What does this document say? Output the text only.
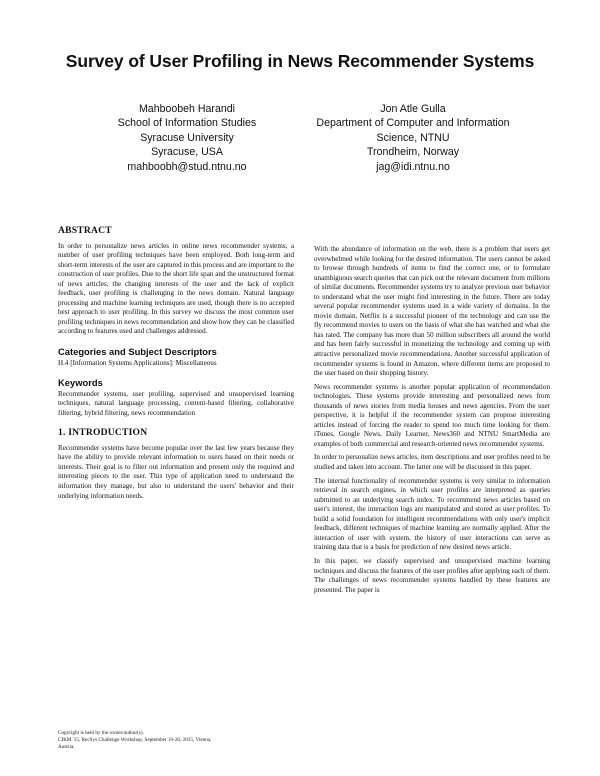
Survey of User Profiling in News Recommender Systems
Mahboobeh Harandi
School of Information Studies
Syracuse University
Syracuse, USA
mahboobh@stud.ntnu.no
Jon Atle Gulla
Department of Computer and Information
Science, NTNU
Trondheim, Norway
jag@idi.ntnu.no
ABSTRACT

In order to personalize news articles in online news recommender systems, a number of user profiling techniques have been employed. Both long-term and short-term interests of the user are captured in this process and are important to the construction of user profiles. Due to the short life span and the unstructured format of news articles, the changing interests of the user and the lack of explicit feedback, user profiling is challenging in the news domain. Natural language processing and machine learning techniques are used, though there is no accepted best approach to user profiling. In this survey we discuss the most common user profiling techniques in news recommendation and show how they can be classified according to features used and challenges addressed.

Categories and Subject Descriptors

H.4 [Information Systems Applications]: Miscellaneous

Keywords

Recommender systems, user profiling, supervised and unsupervised learning techniques, natural language processing, content-based filtering, collaborative filtering, hybrid filtering, news recommendation

1. INTRODUCTION

Recommender systems have become popular over the last few years because they have the ability to provide relevant information to users based on their needs or interests. Their goal is to filter out information and present only the required and interesting pieces to the user. This type of application need to understand the information they manage, but also to understand the users' behavior and their underlying information needs.

With the abundance of information on the web, there is a problem that users get overwhelmed while looking for the desired information. The users cannot be asked to browse through hundreds of items to find the correct one, or to formulate unambiguous search queries that can pick out the relevant document from millions of similar documents. Recommender systems try to analyze previous user behavior to understand what the user might find interesting in the future. There are today several popular recommender systems used in a wide variety of domains. In the movie domain, Netflix is a successful pioneer of the technology and can use the fly recommend movies to users on the basis of what she has watched and what she has rated. The company has more than 50 million subscribers all around the world and has been fairly successful in monetizing the technology and coming up with attractive personalized movie recommendations. Another successful application of recommender systems is found in Amazon, where different items are proposed to the user based on their shopping history.

News recommender systems is another popular application of recommendation technologies. These systems provide interesting and personalized news from thousands of news stories from media houses and news agencies. From the user perspective, it is helpful if the recommender system can propose interesting articles instead of forcing the reader to spend too much time looking for them. iTunes, Google News, Daily Learner, News360 and NTNU SmartMedia are examples of both commercial and research-oriented news recommender systems.

In order to personalize news articles, item descriptions and user profiles need to be studied and taken into account. The latter one will be discussed in this paper.

The internal functionality of recommender systems is very similar to information retrieval in search engines, in which user profiles are interpreted as queries submitted to an underlying search index. To recommend news articles based on user's interest, the interaction logs are manipulated and stored as user profiles. To build a solid foundation for intelligent recommendations with only user's implicit feedback, different techniques of machine learning are normally applied. After the interaction of user with system, the history of user interactions can serve as training data that is a basis for prediction of new desired news article.

In this paper, we classify supervised and unsupervised machine learning techniques and discuss the features of the user profiles after applying each of them. The challenges of news recommender systems handled by these features are presented. The paper is

Copyright is held by the owner/author(s).
CIKM '15, RecSys Challenge Workshop, September 16-20, 2015, Vienna,
Austria.
